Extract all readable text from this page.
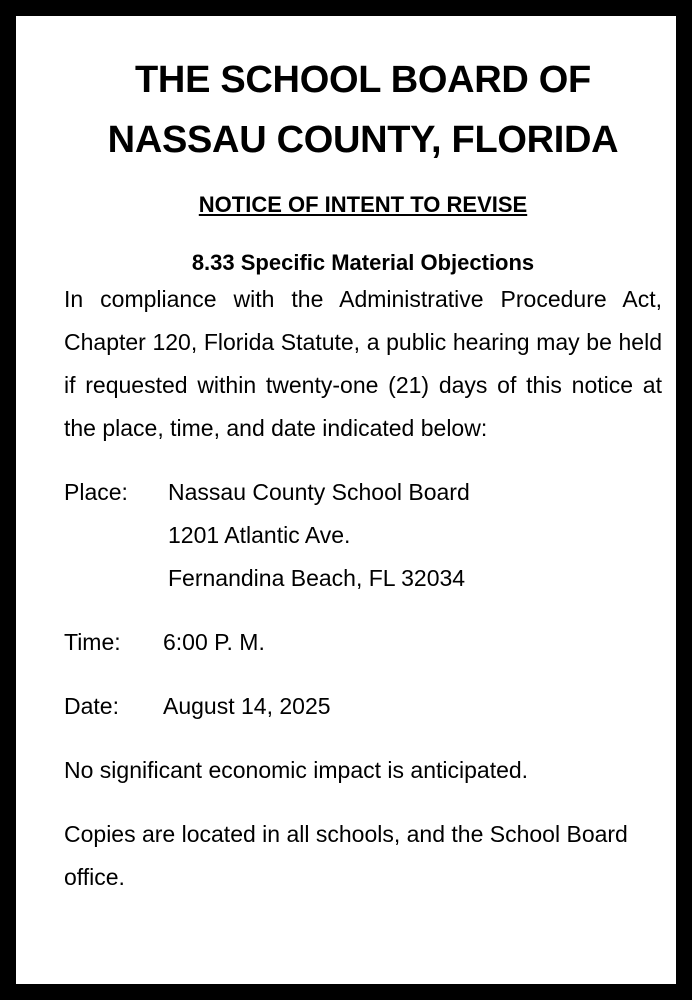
THE SCHOOL BOARD OF
NASSAU COUNTY, FLORIDA
NOTICE OF INTENT TO REVISE
8.33 Specific Material Objections

In compliance with the Administrative Procedure Act, Chapter 120, Florida Statute, a public hearing may be held if requested within twenty-one (21) days of this notice at the place, time, and date indicated below:

Place: Nassau County School Board
1201 Atlantic Ave.
Fernandina Beach, FL 32034
Time: 6:00 P. M.
Date: August 14, 2025

No significant economic impact is anticipated.

Copies are located in all schools, and the School Board office.
